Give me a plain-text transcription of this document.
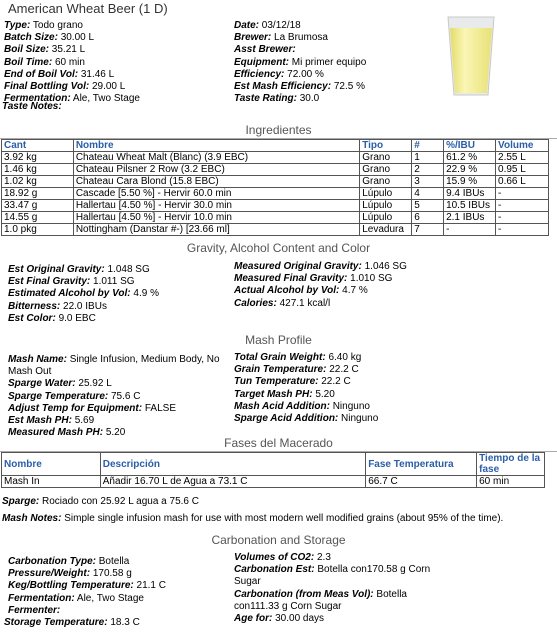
American Wheat Beer (1 D)
Type: Todo grano
Batch Size: 30.00 L
Boil Size: 35.21 L
Boil Time: 60 min
End of Boil Vol: 31.46 L
Final Bottling Vol: 29.00 L
Fermentation: Ale, Two Stage
Date: 03/12/18
Brewer: La Brumosa
Asst Brewer:
Equipment: Mi primer equipo
Efficiency: 72.00 %
Est Mash Efficiency: 72.5 %
Taste Rating: 30.0
Taste Notes:
Ingredientes
Cant	Nombre	Tipo	#	%/IBU	Volume
3.92 kg	Chateau Wheat Malt (Blanc) (3.9 EBC)	Grano	1	61.2 %	2.55 L
1.46 kg	Chateau Pilsner 2 Row (3.2 EBC)	Grano	2	22.9 %	0.95 L
1.02 kg	Chateau Cara Blond (15.8 EBC)	Grano	3	15.9 %	0.66 L
18.92 g	Cascade [5.50 %] - Hervir 60.0 min	Lúpulo	4	9.4 IBUs	-
33.47 g	Hallertau [4.50 %] - Hervir 30.0 min	Lúpulo	5	10.5 IBUs	-
14.55 g	Hallertau [4.50 %] - Hervir 10.0 min	Lúpulo	6	2.1 IBUs	-
1.0 pkg	Nottingham (Danstar #-) [23.66 ml]	Levadura	7	-	-
Gravity, Alcohol Content and Color
Est Original Gravity: 1.048 SG
Est Final Gravity: 1.011 SG
Estimated Alcohol by Vol: 4.9 %
Bitterness: 22.0 IBUs
Est Color: 9.0 EBC
Measured Original Gravity: 1.046 SG
Measured Final Gravity: 1.010 SG
Actual Alcohol by Vol: 4.7 %
Calories: 427.1 kcal/l
Mash Profile
Mash Name: Single Infusion, Medium Body, No Mash Out
Sparge Water: 25.92 L
Sparge Temperature: 75.6 C
Adjust Temp for Equipment: FALSE
Est Mash PH: 5.69
Measured Mash PH: 5.20
Total Grain Weight: 6.40 kg
Grain Temperature: 22.2 C
Tun Temperature: 22.2 C
Target Mash PH: 5.20
Mash Acid Addition: Ninguno
Sparge Acid Addition: Ninguno
Fases del Macerado
Nombre	Descripción	Fase Temperatura	Tiempo de la fase
Mash In	Añadir 16.70 L de Agua a 73.1 C	66.7 C	60 min
Sparge: Rociado con 25.92 L agua a 75.6 C
Mash Notes: Simple single infusion mash for use with most modern well modified grains (about 95% of the time).
Carbonation and Storage
Carbonation Type: Botella
Pressure/Weight: 170.58 g
Keg/Bottling Temperature: 21.1 C
Fermentation: Ale, Two Stage
Fermenter:
Storage Temperature: 18.3 C
Volumes of CO2: 2.3
Carbonation Est: Botella con170.58 g Corn Sugar
Carbonation (from Meas Vol): Botella con111.33 g Corn Sugar
Age for: 30.00 days
